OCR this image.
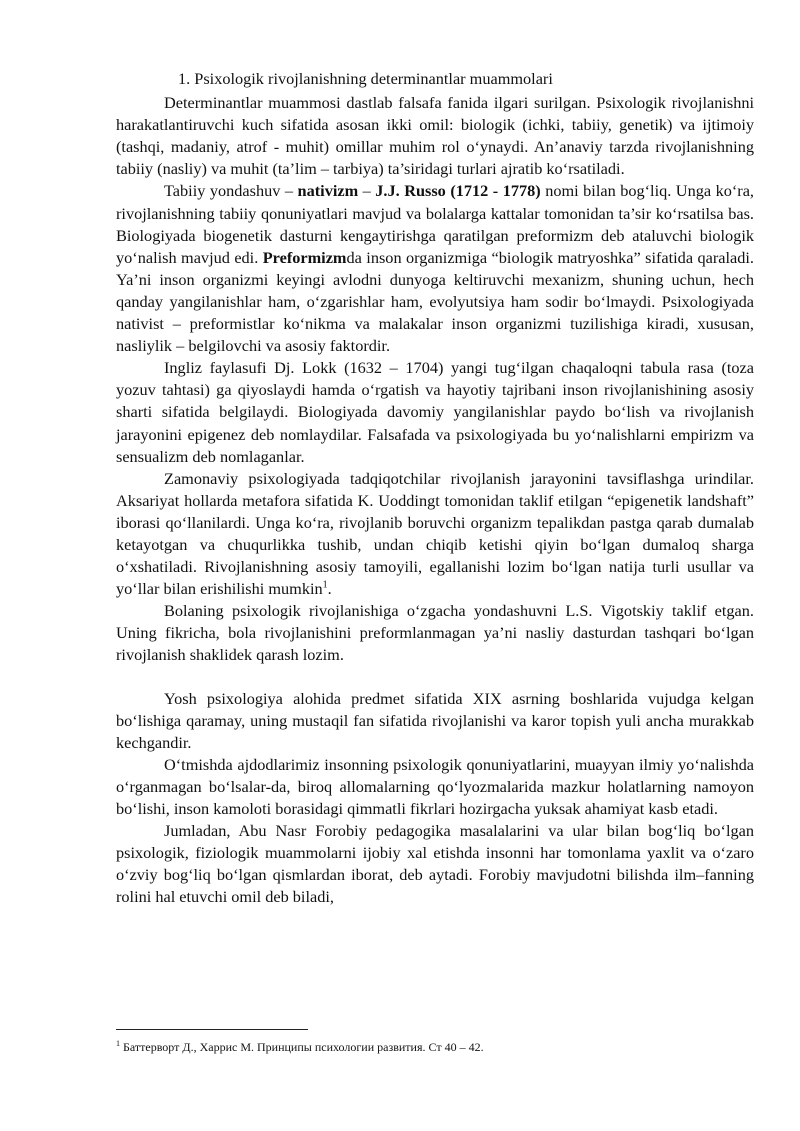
1. Psixologik rivojlanishning determinantlar muammolari

Determinantlar muammosi dastlab falsafa fanida ilgari surilgan. Psixologik rivojlanishni harakatlantiruvchi kuch sifatida asosan ikki omil: biologik (ichki, tabiiy, genetik) va ijtimoiy (tashqi, madaniy, atrof - muhit) omillar muhim rol o‘ynaydi. An’anaviy tarzda rivojlanishning tabiiy (nasliy) va muhit (ta’lim – tarbiya) ta’siridagi turlari ajratib ko‘rsatiladi.

Tabiiy yondashuv – nativizm – J.J. Russo (1712 - 1778) nomi bilan bog‘liq. Unga ko‘ra, rivojlanishning tabiiy qonuniyatlari mavjud va bolalarga kattalar tomonidan ta’sir ko‘rsatilsa bas. Biologiyada biogenetik dasturni kengaytirishga qaratilgan preformizm deb ataluvchi biologik yo‘nalish mavjud edi. Preformizmda inson organizmiga “biologik matryoshka” sifatida qaraladi. Ya’ni inson organizmi keyingi avlodni dunyoga keltiruvchi mexanizm, shuning uchun, hech qanday yangilanishlar ham, o‘zgarishlar ham, evolyutsiya ham sodir bo‘lmaydi. Psixologiyada nativist – preformistlar ko‘nikma va malakalar inson organizmi tuzilishiga kiradi, xususan, nasliylik – belgilovchi va asosiy faktordir.

Ingliz faylasufi Dj. Lokk (1632 – 1704) yangi tug‘ilgan chaqaloqni tabula rasa (toza yozuv tahtasi) ga qiyoslaydi hamda o‘rgatish va hayotiy tajribani inson rivojlanishining asosiy sharti sifatida belgilaydi. Biologiyada davomiy yangilanishlar paydo bo‘lish va rivojlanish jarayonini epigenez deb nomlaydilar. Falsafada va psixologiyada bu yo‘nalishlarni empirizm va sensualizm deb nomlaganlar.

Zamonaviy psixologiyada tadqiqotchilar rivojlanish jarayonini tavsiflashga urindilar. Aksariyat hollarda metafora sifatida K. Uoddingt tomonidan taklif etilgan “epigenetik landshaft” iborasi qo‘llanilardi. Unga ko‘ra, rivojlanib boruvchi organizm tepalikdan pastga qarab dumalab ketayotgan va chuqurlikka tushib, undan chiqib ketishi qiyin bo‘lgan dumaloq sharga o‘xshatiladi. Rivojlanishning asosiy tamoyili, egallanishi lozim bo‘lgan natija turli usullar va yo‘llar bilan erishilishi mumkin$^1$.

Bolaning psixologik rivojlanishiga o‘zgacha yondashuvni L.S. Vigotskiy taklif etgan. Uning fikricha, bola rivojlanishini preformlanmagan ya’ni nasliy dasturdan tashqari bo‘lgan rivojlanish shaklidek qarash lozim.

Yosh psixologiya alohida predmet sifatida XIX asrning boshlarida vujudga kelgan bo‘lishiga qaramay, uning mustaqil fan sifatida rivojlanishi va karor topish yuli ancha murakkab kechgandir.

O‘tmishda ajdodlarimiz insonning psixologik qonuniyatlarini, muayyan ilmiy yo‘nalishda o‘rganmagan bo‘lsalar-da, biroq allomalarning qo‘lyozmalarida mazkur holatlarning namoyon bo‘lishi, inson kamoloti borasidagi qimmatli fikrlari hozirgacha yuksak ahamiyat kasb etadi.

Jumladan, Abu Nasr Forobiy pedagogika masalalarini va ular bilan bog‘liq bo‘lgan psixologik, fiziologik muammolarni ijobiy xal etishda insonni har tomonlama yaxlit va o‘zaro o‘zviy bog‘liq bo‘lgan qismlardan iborat, deb aytadi. Forobiy mavjudotni bilishda ilm–fanning rolini hal etuvchi omil deb biladi,

$^1$ Баттерворт Д., Харрис М. Принципы психологии развития. Ст 40 – 42.
